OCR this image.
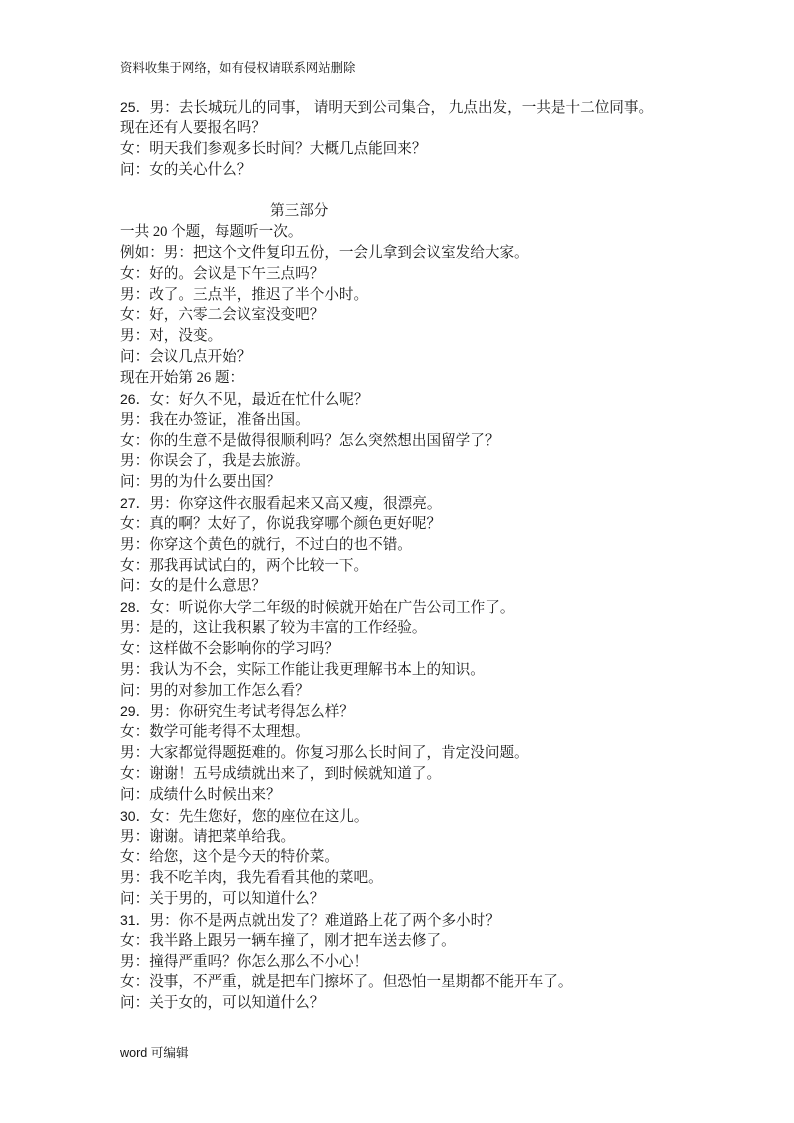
资料收集于网络，如有侵权请联系网站删除
25．男：去长城玩儿的同事， 请明天到公司集合， 九点出发，一共是十二位同事。
现在还有人要报名吗？
女：明天我们参观多长时间？大概几点能回来？
问：女的关心什么？
第三部分
一共 20 个题，每题听一次。
例如：男：把这个文件复印五份，一会儿拿到会议室发给大家。
女：好的。会议是下午三点吗？
男：改了。三点半，推迟了半个小时。
女：好，六零二会议室没变吧？
男：对，没变。
问：会议几点开始？
现在开始第 26 题：
26．女：好久不见，最近在忙什么呢？
男：我在办签证，准备出国。
女：你的生意不是做得很顺利吗？怎么突然想出国留学了？
男：你误会了，我是去旅游。
问：男的为什么要出国？
27．男：你穿这件衣服看起来又高又瘦，很漂亮。
女：真的啊？太好了，你说我穿哪个颜色更好呢？
男：你穿这个黄色的就行，不过白的也不错。
女：那我再试试白的，两个比较一下。
问：女的是什么意思？
28．女：听说你大学二年级的时候就开始在广告公司工作了。
男：是的，这让我积累了较为丰富的工作经验。
女：这样做不会影响你的学习吗？
男：我认为不会，实际工作能让我更理解书本上的知识。
问：男的对参加工作怎么看？
29．男：你研究生考试考得怎么样？
女：数学可能考得不太理想。
男：大家都觉得题挺难的。你复习那么长时间了，肯定没问题。
女：谢谢！五号成绩就出来了，到时候就知道了。
问：成绩什么时候出来？
30．女：先生您好，您的座位在这儿。
男：谢谢。请把菜单给我。
女：给您，这个是今天的特价菜。
男：我不吃羊肉，我先看看其他的菜吧。
问：关于男的，可以知道什么？
31．男：你不是两点就出发了？难道路上花了两个多小时？
女：我半路上跟另一辆车撞了，刚才把车送去修了。
男：撞得严重吗？你怎么那么不小心！
女：没事，不严重，就是把车门擦坏了。但恐怕一星期都不能开车了。
问：关于女的，可以知道什么？
word 可编辑
